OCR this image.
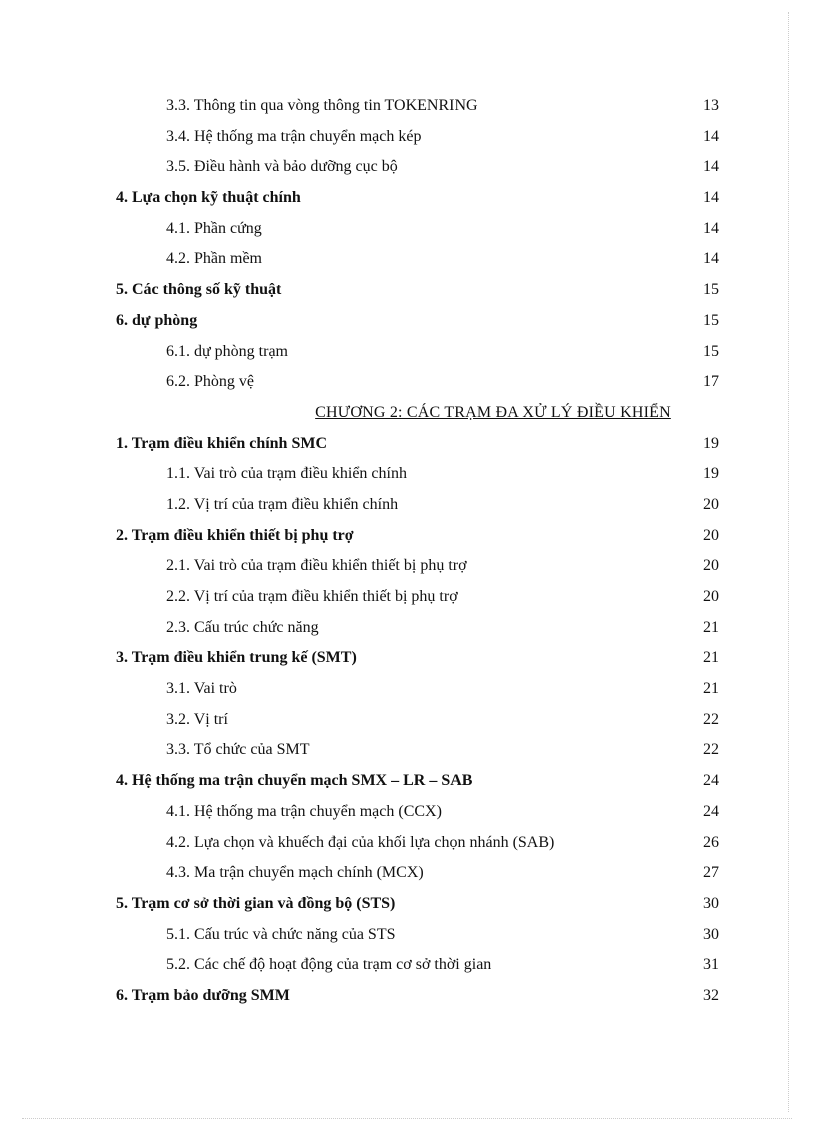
3.3. Thông tin qua vòng thông tin TOKENRING	13
3.4. Hệ thống ma trận chuyển mạch kép	14
3.5. Điều hành và bảo dưỡng cục bộ	14
4. Lựa chọn kỹ thuật chính	14
4.1. Phần cứng	14
4.2. Phần mềm	14
5. Các thông số kỹ thuật	15
6. dự phòng	15
6.1. dự phòng trạm	15
6.2. Phòng vệ	17
CHƯƠNG 2: CÁC TRẠM ĐA XỬ LÝ ĐIỀU KHIỂN
1. Trạm điều khiển chính SMC	19
1.1. Vai trò của trạm điều khiển chính	19
1.2. Vị trí của trạm điều khiển chính	20
2. Trạm điều khiển thiết bị phụ trợ	20
2.1. Vai trò của trạm điều khiển thiết bị phụ trợ	20
2.2. Vị trí của trạm điều khiển thiết bị phụ trợ	20
2.3. Cấu trúc chức năng	21
3. Trạm điều khiển trung kế (SMT)	21
3.1. Vai trò	21
3.2. Vị trí	22
3.3. Tổ chức của SMT	22
4. Hệ thống ma trận chuyển mạch SMX – LR – SAB	24
4.1. Hệ thống ma trận chuyển mạch (CCX)	24
4.2. Lựa chọn và khuếch đại của khối lựa chọn nhánh (SAB)	26
4.3. Ma trận chuyển mạch chính (MCX)	27
5. Trạm cơ sở thời gian và đồng bộ (STS)	30
5.1. Cấu trúc và chức năng của STS	30
5.2. Các chế độ hoạt động của trạm cơ sở thời gian	31
6. Trạm bảo dưỡng SMM	32
